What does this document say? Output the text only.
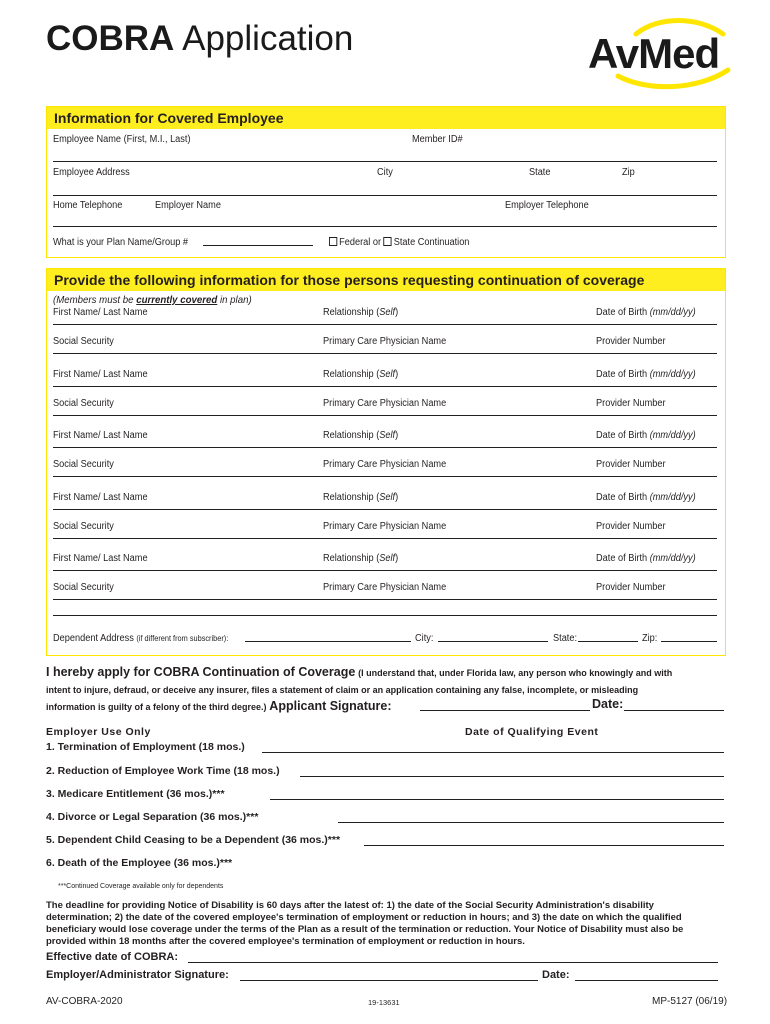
COBRA Application	AvMed
Information for Covered Employee
Employee Name (First, M.I., Last)	Member ID#
Employee Address	City	State	Zip
Home Telephone	Employer Name	Employer Telephone
What is your Plan Name/Group #	Federal or State Continuation
Provide the following information for those persons requesting continuation of coverage
(Members must be currently covered in plan)
First Name/ Last Name	Relationship (Self)	Date of Birth (mm/dd/yy)
Social Security	Primary Care Physician Name	Provider Number
First Name/ Last Name	Relationship (Self)	Date of Birth (mm/dd/yy)
Social Security	Primary Care Physician Name	Provider Number
First Name/ Last Name	Relationship (Self)	Date of Birth (mm/dd/yy)
Social Security	Primary Care Physician Name	Provider Number
First Name/ Last Name	Relationship (Self)	Date of Birth (mm/dd/yy)
Social Security	Primary Care Physician Name	Provider Number
First Name/ Last Name	Relationship (Self)	Date of Birth (mm/dd/yy)
Social Security	Primary Care Physician Name	Provider Number
Dependent Address (if different from subscriber):	City:	State:	Zip:
I hereby apply for COBRA Continuation of Coverage (I understand that, under Florida law, any person who knowingly and with
intent to injure, defraud, or deceive any insurer, files a statement of claim or an application containing any false, incomplete, or misleading
information is guilty of a felony of the third degree.) Applicant Signature:	Date:
Employer Use Only	Date of Qualifying Event
1. Termination of Employment (18 mos.)
2. Reduction of Employee Work Time (18 mos.)
3. Medicare Entitlement (36 mos.)***
4. Divorce or Legal Separation (36 mos.)***
5. Dependent Child Ceasing to be a Dependent (36 mos.)***
6. Death of the Employee (36 mos.)***
***Continued Coverage available only for dependents
The deadline for providing Notice of Disability is 60 days after the latest of: 1) the date of the Social Security Administration's disability
determination; 2) the date of the covered employee's termination of employment or reduction in hours; and 3) the date on which the qualified
beneficiary would lose coverage under the terms of the Plan as a result of the termination or reduction. Your Notice of Disability must also be
provided within 18 months after the covered employee's termination of employment or reduction in hours.
Effective date of COBRA:
Employer/Administrator Signature:	Date:
AV-COBRA-2020	19-13631	MP-5127 (06/19)
